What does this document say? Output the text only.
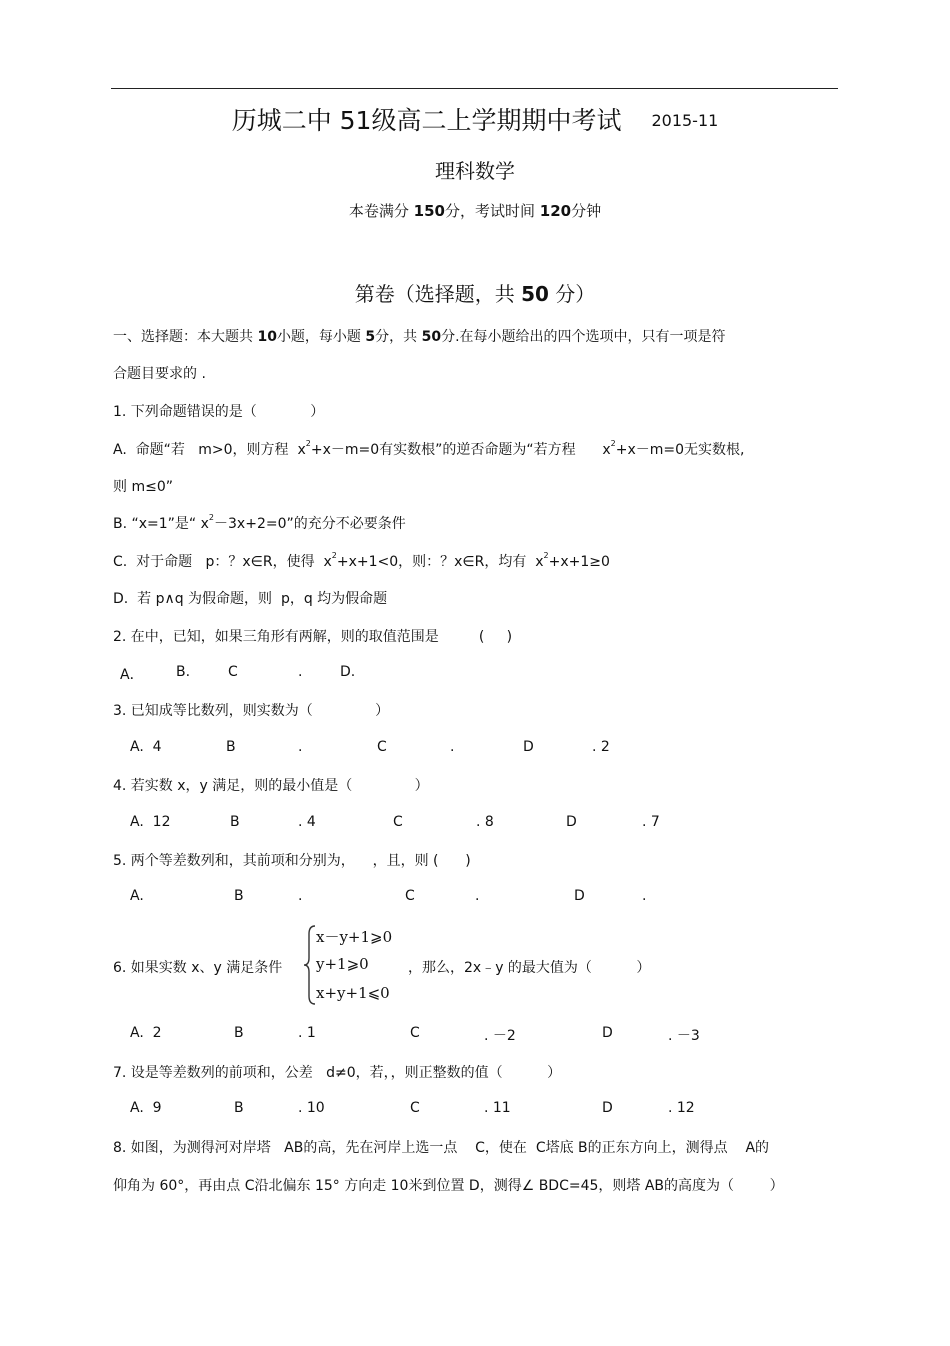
历城二中 51级高二上学期期中考试 2015-11
理科数学
本卷满分 150分，考试时间 120分钟
第卷（选择题，共 50 分）
一、选择题：本大题共 10小题，每小题 5分，共 50分.在每小题给出的四个选项中，只有一项是符
合题目要求的 .
1. 下列命题错误的是（            ）
A.  命题“若   m>0，则方程  $x^2+x-m=0$有实数根”的逆否命题为“若方程      $x^2+x-m=0$无实数根,
则 m≤0”
B. “x=1”是“ $x^2-3x+2=0$”的充分不必要条件
C.  对于命题   p：？x∈R，使得  $x^2+x+1<0$，则：？x∈R，均有  $x^2+x+1\ge 0$
D.  若 p∧q 为假命题，则  p，q 均为假命题
2. 在中，已知，如果三角形有两解，则的取值范围是         (     )
A． B.	C	.	D.
3. 已知成等比数列，则实数为（              ）
A.  4	B	.	C	.	D	. 2
4. 若实数 x，y 满足，则的最小值是（              ）
A.  12	B	. 4	C	. 8	D	. 7
5. 两个等差数列和，其前项和分别为，    ，且，则 (      )
A.	B	.	C	.	D	.
6. 如果实数 x、y 满足条件
x－y+1⩾0
y+1⩾0
x+y+1⩽0
，那么，2x﹣y 的最大值为（          ）
A.  2	B	. 1	C	. －2	D	. －3
7. 设是等差数列的前项和，公差   d≠0，若，，则正整数的值（          ）
A.  9	B	. 10	C	. 11	D	. 12
8. 如图，为测得河对岸塔   AB的高，先在河岸上选一点    C，使在  C塔底 B的正东方向上，测得点    A的
仰角为 60°，再由点 C沿北偏东 15° 方向走 10米到位置 D，测得∠ BDC=45，则塔 AB的高度为（        ）
